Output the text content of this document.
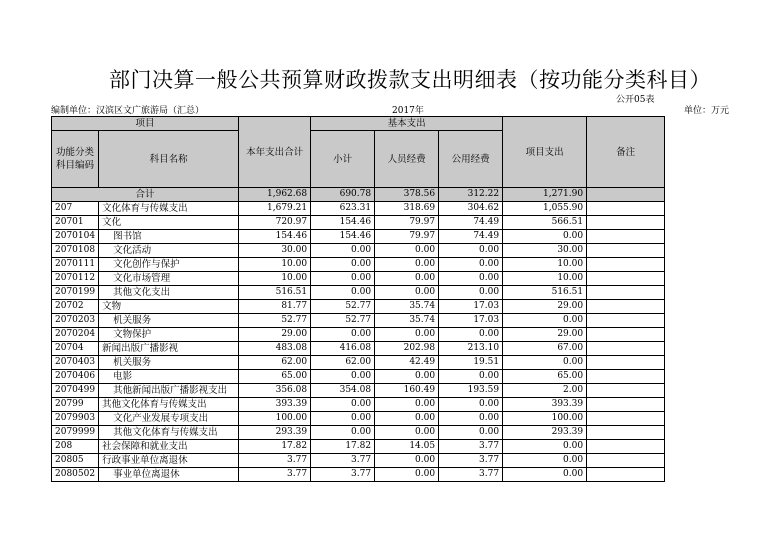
部门决算一般公共预算财政拨款支出明细表（按功能分类科目）
公开05表
编制单位：汉滨区文广旅游局（汇总）	2017年	单位：万元
项目		本年支出合计	基本支出			项目支出	备注
功能分类科目编码	科目名称		小计	人员经费	公用经费		

合计		1,962.68	690.78	378.56	312.22	1,271.90	
207	文化体育与传媒支出	1,679.21	623.31	318.69	304.62	1,055.90	
20701	文化	720.97	154.46	79.97	74.49	566.51	
2070104	图书馆	154.46	154.46	79.97	74.49	0.00	
2070108	文化活动	30.00	0.00	0.00	0.00	30.00	
2070111	文化创作与保护	10.00	0.00	0.00	0.00	10.00	
2070112	文化市场管理	10.00	0.00	0.00	0.00	10.00	
2070199	其他文化支出	516.51	0.00	0.00	0.00	516.51	
20702	文物	81.77	52.77	35.74	17.03	29.00	
2070203	机关服务	52.77	52.77	35.74	17.03	0.00	
2070204	文物保护	29.00	0.00	0.00	0.00	29.00	
20704	新闻出版广播影视	483.08	416.08	202.98	213.10	67.00	
2070403	机关服务	62.00	62.00	42.49	19.51	0.00	
2070406	电影	65.00	0.00	0.00	0.00	65.00	
2070499	其他新闻出版广播影视支出	356.08	354.08	160.49	193.59	2.00	
20799	其他文化体育与传媒支出	393.39	0.00	0.00	0.00	393.39	
2079903	文化产业发展专项支出	100.00	0.00	0.00	0.00	100.00	
2079999	其他文化体育与传媒支出	293.39	0.00	0.00	0.00	293.39	
208	社会保障和就业支出	17.82	17.82	14.05	3.77	0.00	
20805	行政事业单位离退休	3.77	3.77	0.00	3.77	0.00	
2080502	事业单位离退休	3.77	3.77	0.00	3.77	0.00	
